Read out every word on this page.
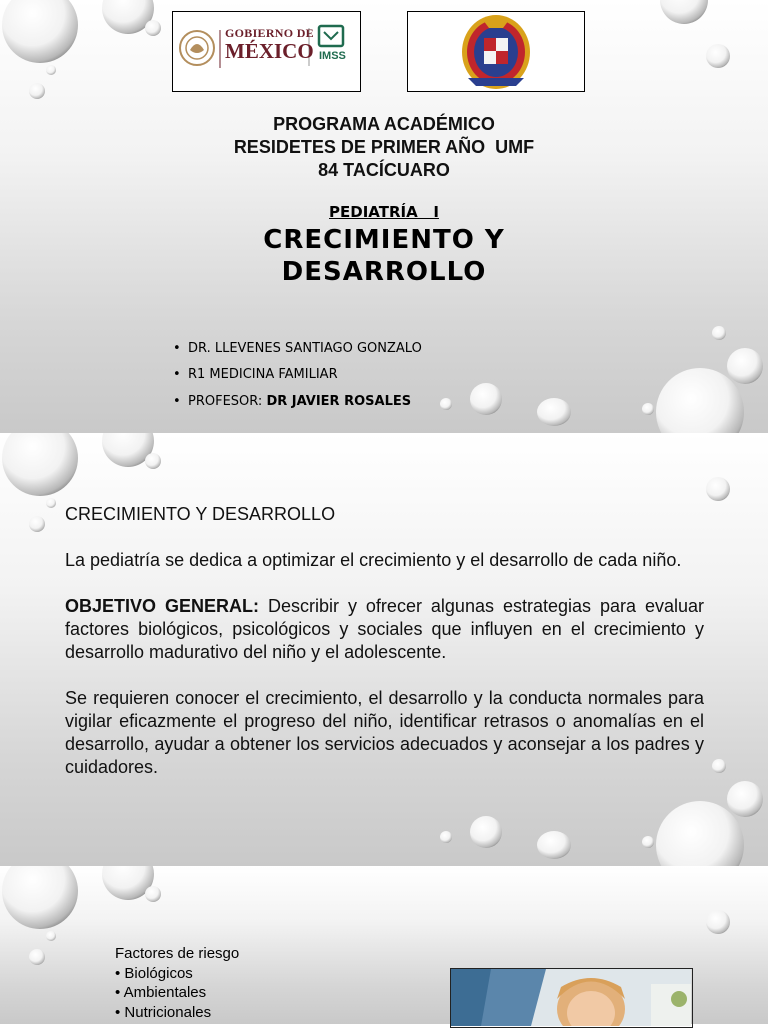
GOBIERNO DE
MÉXICO IMSS
PROGRAMA ACADÉMICO
RESIDETES DE PRIMER AÑO  UMF
84 TACÍCUARO
PEDIATRÍA   I
CRECIMIENTO Y
DESARROLLO
• DR. LLEVENES SANTIAGO GONZALO
• R1 MEDICINA FAMILIAR
• PROFESOR:
DR JAVIER ROSALES

CRECIMIENTO Y DESARROLLO

La pediatría se dedica a optimizar el crecimiento y el desarrollo de cada niño.

OBJETIVO GENERAL: Describir y ofrecer algunas estrategias para evaluar factores biológicos, psicológicos y sociales que influyen en el crecimiento y desarrollo madurativo del niño y el adolescente.

Se requieren conocer el crecimiento, el desarrollo y la conducta normales para vigilar eficazmente el progreso del niño, identificar retrasos o anomalías en el desarrollo, ayudar a obtener los servicios adecuados y aconsejar a los padres y cuidadores.

Factores de riesgo
• Biológicos
• Ambientales
• Nutricionales
